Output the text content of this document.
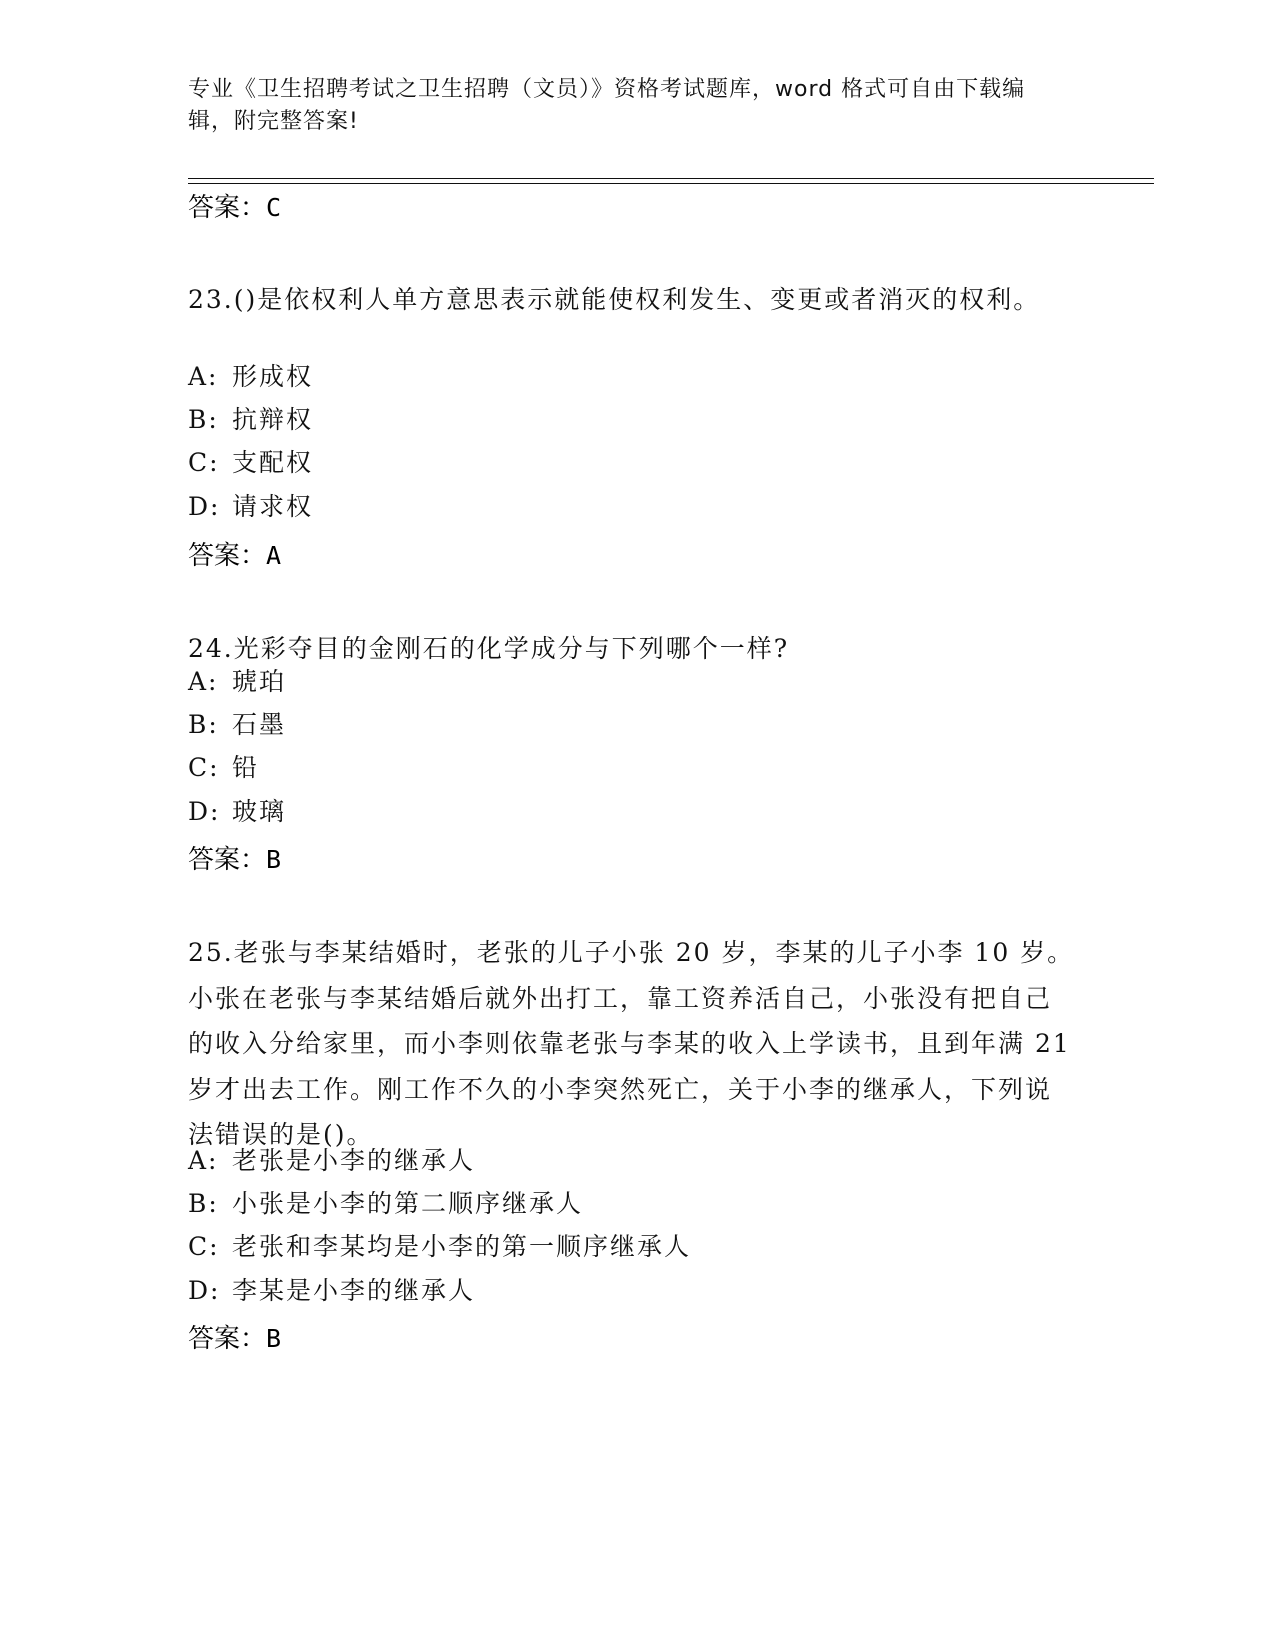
专业《卫生招聘考试之卫生招聘（文员）》资格考试题库，word 格式可自由下载编辑，附完整答案!
答案：C

23.()是依权利人单方意思表示就能使权利发生、变更或者消灭的权利。

A: 形成权
B: 抗辩权
C: 支配权
D: 请求权
答案：A

24.光彩夺目的金刚石的化学成分与下列哪个一样?

A: 琥珀
B: 石墨
C: 铅
D: 玻璃
答案：B

25.老张与李某结婚时，老张的儿子小张 20 岁，李某的儿子小李 10 岁。小张在老张与李某结婚后就外出打工，靠工资养活自己，小张没有把自己的收入分给家里，而小李则依靠老张与李某的收入上学读书，且到年满 21 岁才出去工作。刚工作不久的小李突然死亡，关于小李的继承人，下列说法错误的是()。

A: 老张是小李的继承人
B: 小张是小李的第二顺序继承人
C: 老张和李某均是小李的第一顺序继承人
D: 李某是小李的继承人
答案：B
